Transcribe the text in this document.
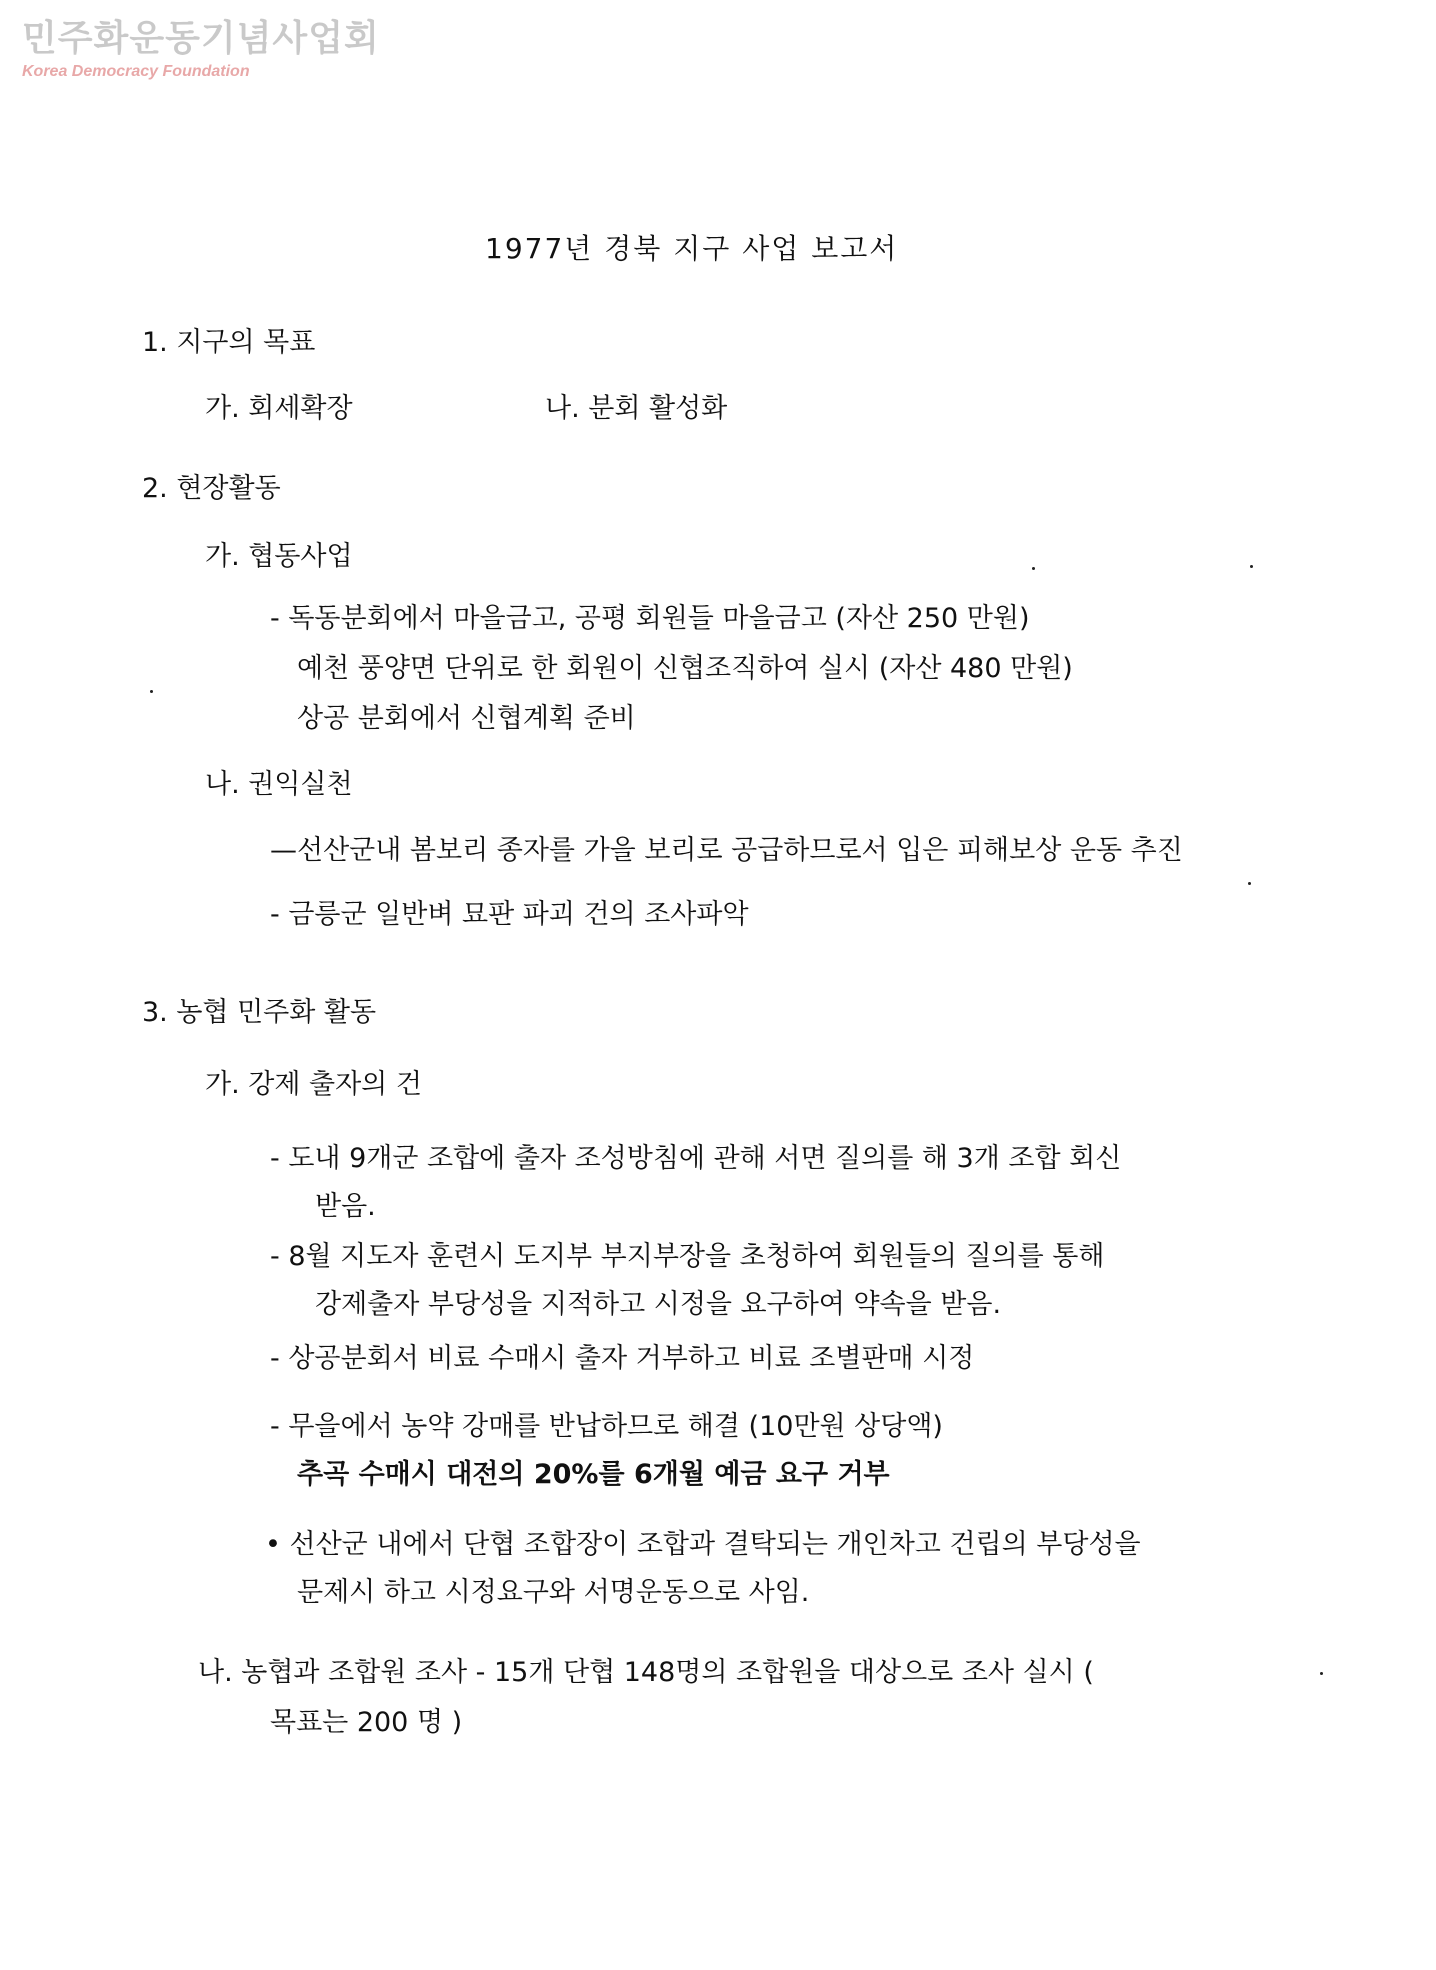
민주화운동기념사업회
Korea Democracy Foundation
1977년 경북 지구 사업 보고서
1. 지구의 목표
가. 회세확장	나. 분회 활성화
2. 현장활동
가. 협동사업
- 독동분회에서 마을금고, 공평 회원들 마을금고 (자산 250 만원)
예천 풍양면 단위로 한 회원이 신협조직하여 실시 (자산 480 만원)
상공 분회에서 신협계획 준비
나. 권익실천
—선산군내 봄보리 종자를 가을 보리로 공급하므로서 입은 피해보상 운동 추진
- 금릉군 일반벼 묘판 파괴 건의 조사파악
3. 농협 민주화 활동
가. 강제 출자의 건
- 도내 9개군 조합에 출자 조성방침에 관해 서면 질의를 해 3개 조합 회신
받음.
- 8월 지도자 훈련시 도지부 부지부장을 초청하여 회원들의 질의를 통해
강제출자 부당성을 지적하고 시정을 요구하여 약속을 받음.
- 상공분회서 비료 수매시 출자 거부하고 비료 조별판매 시정
- 무을에서 농약 강매를 반납하므로 해결 (10만원 상당액)
추곡 수매시 대전의 20%를 6개월 예금 요구 거부
• 선산군 내에서 단협 조합장이 조합과 결탁되는 개인차고 건립의 부당성을
문제시 하고 시정요구와 서명운동으로 사임.
나. 농협과 조합원 조사 - 15개 단협 148명의 조합원을 대상으로 조사 실시 (
목표는 200 명 )
